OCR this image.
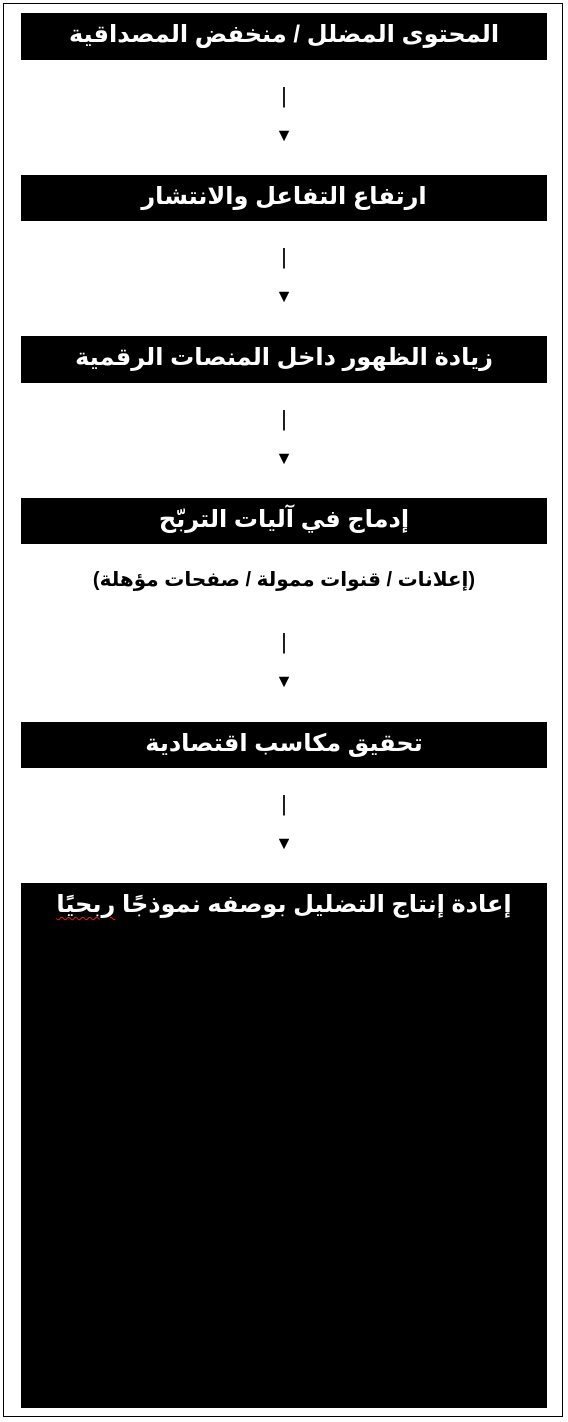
المحتوى المضلل / منخفض المصداقية
|
▼
ارتفاع التفاعل والانتشار
|
▼
زيادة الظهور داخل المنصات الرقمية
|
▼
إدماج في آليات التربّح
(إعلانات / قنوات ممولة / صفحات مؤهلة)
|
▼
تحقيق مكاسب اقتصادية
|
▼
إعادة إنتاج التضليل بوصفه نموذجًا ربحيًا
